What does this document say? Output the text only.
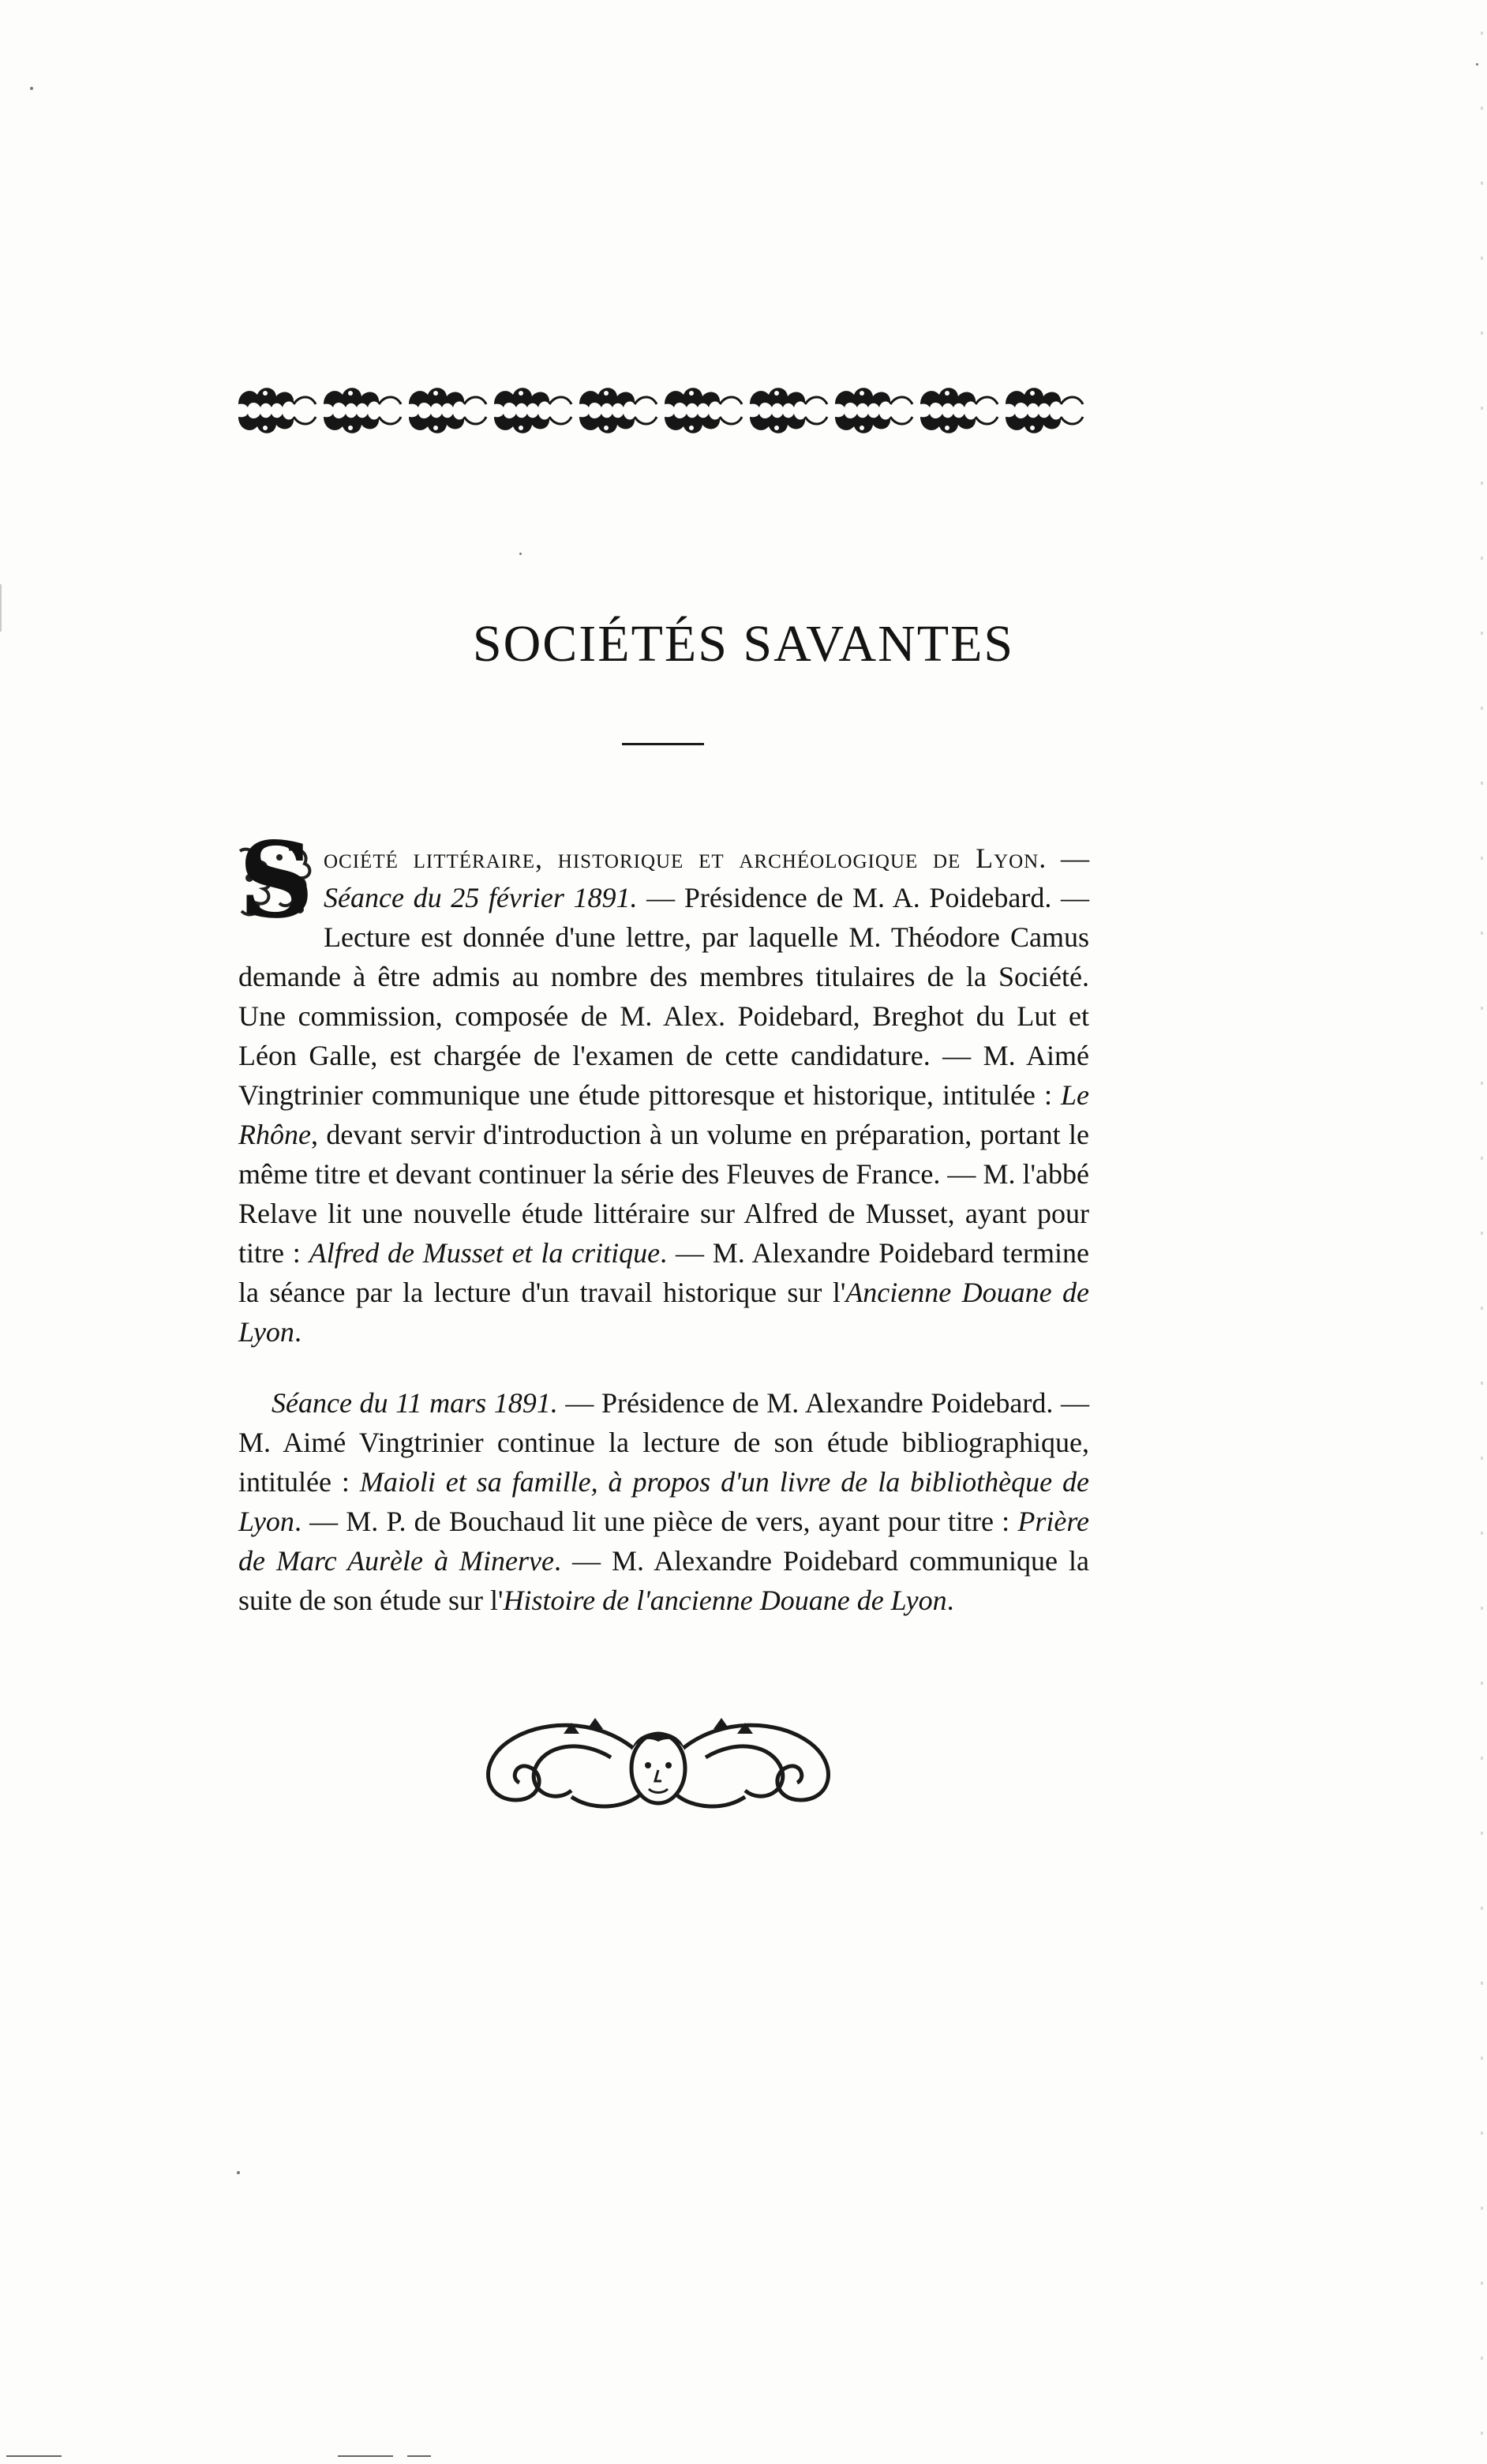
SOCIÉTÉS SAVANTES

S ociété littéraire, historique et archéologique de Lyon. — Séance du 25 février 1891. — Présidence de M. A. Poidebard. — Lecture est donnée d'une lettre, par laquelle M. Théodore Camus demande à être admis au nombre des membres titulaires de la Société. Une commission, composée de M. Alex. Poidebard, Breghot du Lut et Léon Galle, est chargée de l'examen de cette candidature. — M. Aimé Vingtrinier communique une étude pittoresque et historique, intitulée : Le Rhône, devant servir d'introduction à un volume en préparation, portant le même titre et devant continuer la série des Fleuves de France. — M. l'abbé Relave lit une nouvelle étude littéraire sur Alfred de Musset, ayant pour titre : Alfred de Musset et la critique. — M. Alexandre Poidebard termine la séance par la lecture d'un travail historique sur l'Ancienne Douane de Lyon.

Séance du 11 mars 1891. — Présidence de M. Alexandre Poidebard. — M. Aimé Vingtrinier continue la lecture de son étude bibliographique, intitulée : Maioli et sa famille, à propos d'un livre de la bibliothèque de Lyon. — M. P. de Bouchaud lit une pièce de vers, ayant pour titre : Prière de Marc Aurèle à Minerve. — M. Alexandre Poidebard communique la suite de son étude sur l'Histoire de l'ancienne Douane de Lyon.
